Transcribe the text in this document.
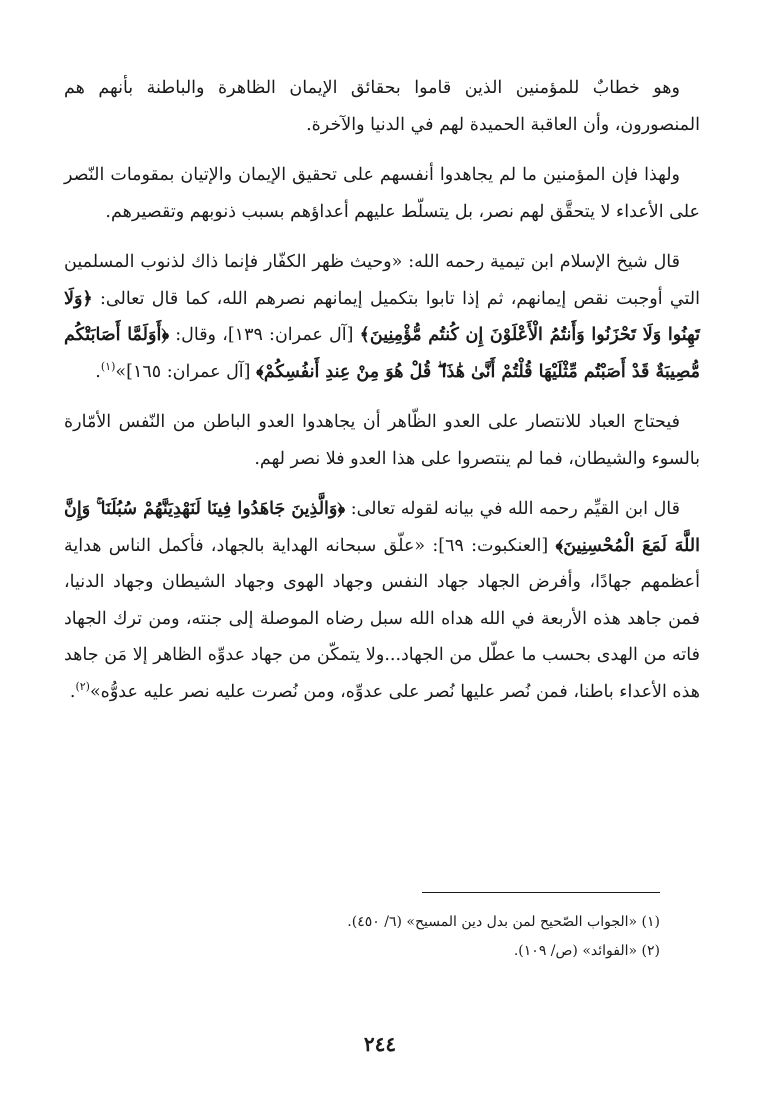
وهو خطابٌ للمؤمنين الذين قاموا بحقائق الإيمان الظاهرة والباطنة بأنهم هم المنصورون، وأن العاقبة الحميدة لهم في الدنيا والآخرة.

ولهذا فإن المؤمنين ما لم يجاهدوا أنفسهم على تحقيق الإيمان والإتيان بمقومات النّصر على الأعداء لا يتحقَّق لهم نصر، بل يتسلّط عليهم أعداؤهم بسبب ذنوبهم وتقصيرهم.

قال شيخ الإسلام ابن تيمية رحمه الله: «وحيث ظهر الكفّار فإنما ذاك لذنوب المسلمين التي أوجبت نقص إيمانهم، ثم إذا تابوا بتكميل إيمانهم نصرهم الله، كما قال تعالى: ﴿وَلَا تَهِنُوا وَلَا تَحْزَنُوا وَأَنتُمُ الْأَعْلَوْنَ إِن كُنتُم مُّؤْمِنِينَ﴾ [آل عمران: ١٣٩]، وقال: ﴿أَوَلَمَّا أَصَابَتْكُم مُّصِيبَةٌ قَدْ أَصَبْتُم مِّثْلَيْهَا قُلْتُمْ أَنَّىٰ هَٰذَا ۖ قُلْ هُوَ مِنْ عِندِ أَنفُسِكُمْ﴾ [آل عمران: ١٦٥]»$^{(١)}$.

فيحتاج العباد للانتصار على العدو الظّاهر أن يجاهدوا العدو الباطن من النّفس الأمّارة بالسوء والشيطان، فما لم ينتصروا على هذا العدو فلا نصر لهم.

قال ابن القيِّم رحمه الله في بيانه لقوله تعالى: ﴿وَالَّذِينَ جَاهَدُوا فِينَا لَنَهْدِيَنَّهُمْ سُبُلَنَا ۚ وَإِنَّ اللَّهَ لَمَعَ الْمُحْسِنِينَ﴾ [العنكبوت: ٦٩]: «علّق سبحانه الهداية بالجهاد، فأكمل الناس هداية أعظمهم جهادًا، وأفرض الجهاد جهاد النفس وجهاد الهوى وجهاد الشيطان وجهاد الدنيا، فمن جاهد هذه الأربعة في الله هداه الله سبل رضاه الموصلة إلى جنته، ومن ترك الجهاد فاته من الهدى بحسب ما عطّل من الجهاد...ولا يتمكّن من جهاد عدوِّه الظاهر إلا مَن جاهد هذه الأعداء باطنا، فمن نُصر عليها نُصر على عدوِّه، ومن نُصرت عليه نصر عليه عدوُّه»$^{(٢)}$.

(١) «الجواب الصّحيح لمن بدل دين المسيح» (٦/ ٤٥٠).

(٢) «الفوائد» (ص/ ١٠٩).

٢٤٤
